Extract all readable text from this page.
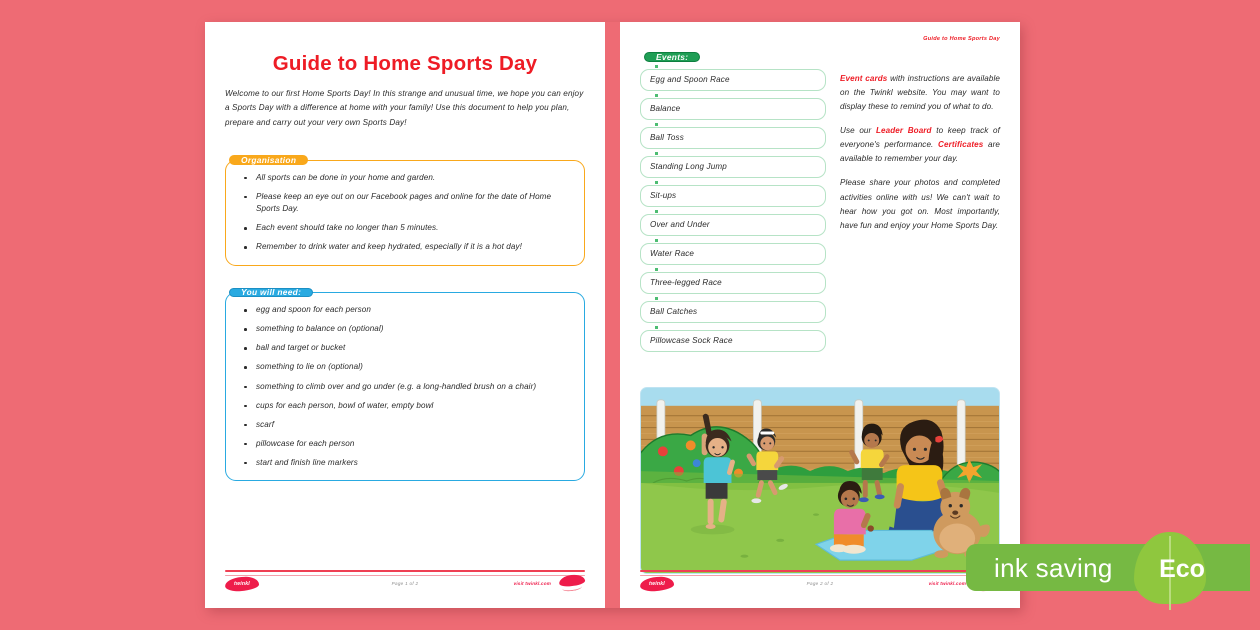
Guide to Home Sports Day
Welcome to our first Home Sports Day! In this strange and unusual time, we hope you can enjoy a Sports Day with a difference at home with your family! Use this document to help you plan, prepare and carry out your very own Sports Day!
Organisation
All sports can be done in your home and garden.
Please keep an eye out on our Facebook pages and online for the date of Home Sports Day.
Each event should take no longer than 5 minutes.
Remember to drink water and keep hydrated, especially if it is a hot day!
You will need:
egg and spoon for each person
something to balance on (optional)
ball and target or bucket
something to lie on (optional)
something to climb over and go under (e.g. a long-handled brush on a chair)
cups for each person, bowl of water, empty bowl
scarf
pillowcase for each person
start and finish line markers
twinkl	Page 1 of 2	visit twinkl.com
Guide to Home Sports Day
Events:
Egg and Spoon Race
Balance
Ball Toss
Standing Long Jump
Sit-ups
Over and Under
Water Race
Three-legged Race
Ball Catches
Pillowcase Sock Race

Event cards with instructions are available on the Twinkl website. You may want to display these to remind you of what to do.

Use our Leader Board to keep track of everyone's performance. Certificates are available to remember your day.

Please share your photos and completed activities online with us! We can't wait to hear how you got on. Most importantly, have fun and enjoy your Home Sports Day.

twinkl	Page 2 of 2	visit twinkl.com
ink saving	Eco
